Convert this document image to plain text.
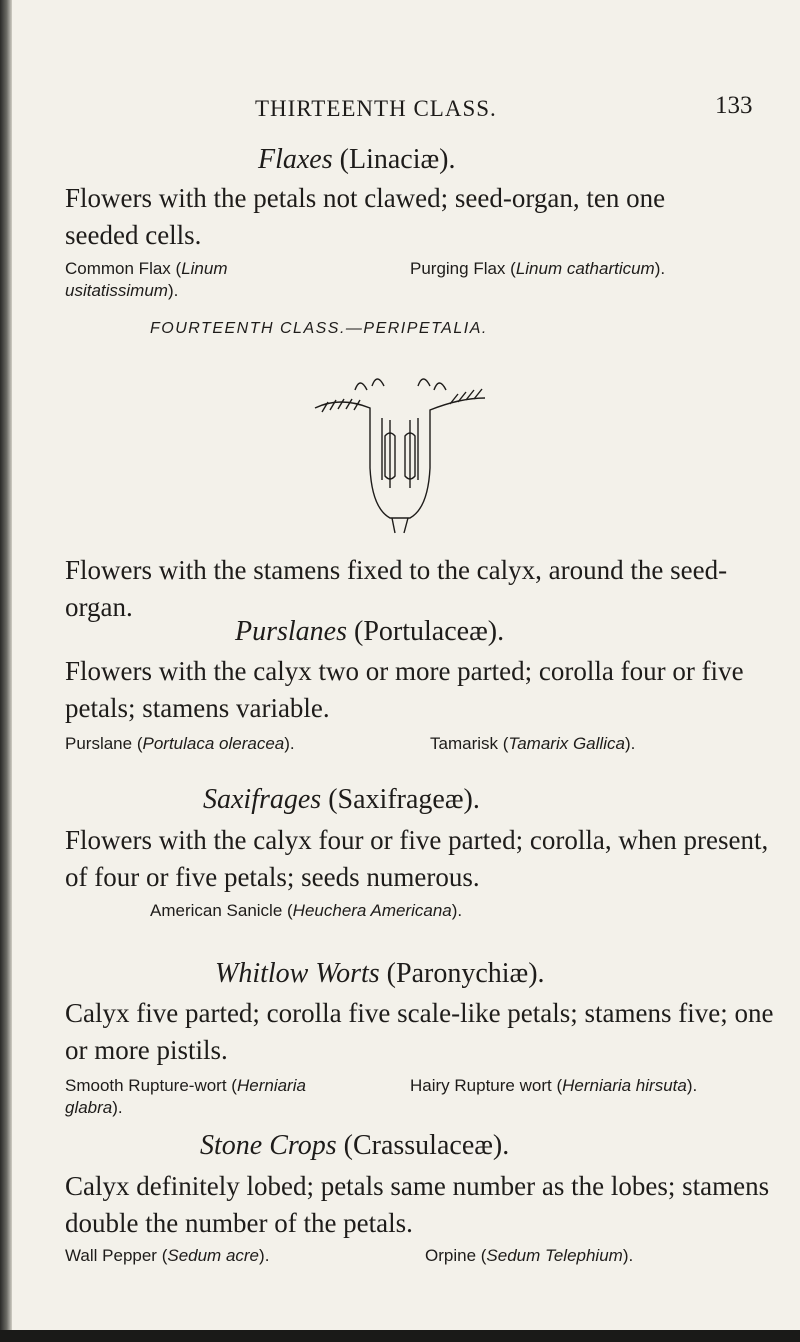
THIRTEENTH CLASS.	133
Flaxes (Linaciæ).
Flowers with the petals not clawed; seed-organ, ten one seeded cells.
Common Flax (Linum usitatissimum).
Purging Flax (Linum catharticum).
FOURTEENTH CLASS.—PERIPETALIA.
Flowers with the stamens fixed to the calyx, around the seed-organ.
Purslanes (Portulaceæ).
Flowers with the calyx two or more parted; corolla four or five petals; stamens variable.
Purslane (Portulaca oleracea).	Tamarisk (Tamarix Gallica).
Saxifrages (Saxifrageæ).
Flowers with the calyx four or five parted; corolla, when present, of four or five petals; seeds numerous.
American Sanicle (Heuchera Americana).
Whitlow Worts (Paronychiæ).
Calyx five parted; corolla five scale-like petals; stamens five; one or more pistils.
Smooth Rupture-wort (Herniaria glabra).
Hairy Rupture wort (Herniaria hirsuta).
Stone Crops (Crassulaceæ).
Calyx definitely lobed; petals same number as the lobes; stamens double the number of the petals.
Wall Pepper (Sedum acre).	Orpine (Sedum Telephium).
